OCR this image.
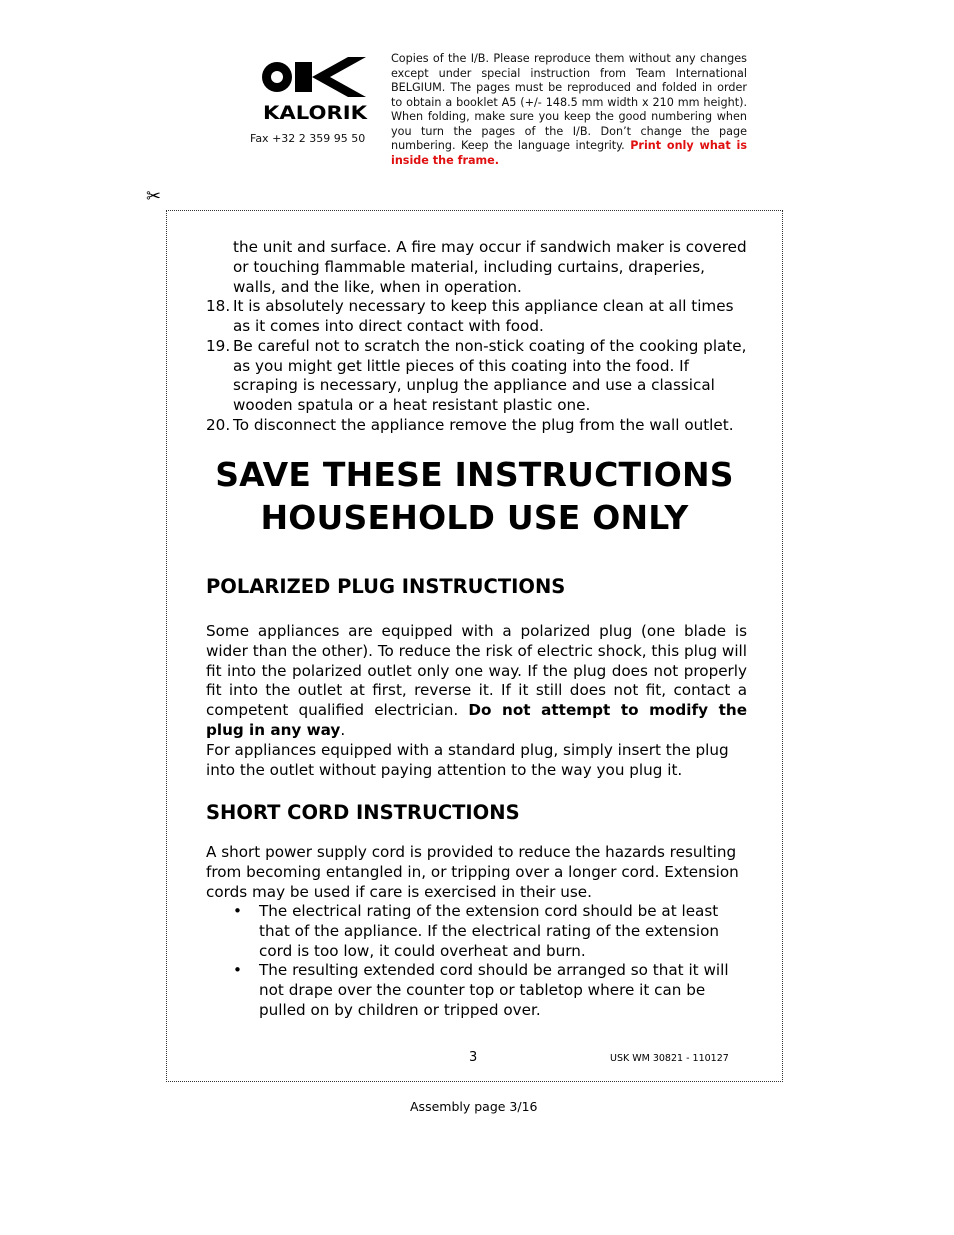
KALORIK
Fax +32 2 359 95 50
Copies of the I/B. Please reproduce them without any changes except under special instruction from Team International BELGIUM. The pages must be reproduced and folded in order to obtain a booklet A5 (+/- 148.5 mm width x 210 mm height). When folding, make sure you keep the good numbering when you turn the pages of the I/B. Don’t change the page numbering. Keep the language integrity. Print only what is inside the frame.
✂
the unit and surface. A fire may occur if sandwich maker is covered or touching flammable material, including curtains, draperies, walls, and the like, when in operation.
18. It is absolutely necessary to keep this appliance clean at all times as it comes into direct contact with food.
19. Be careful not to scratch the non-stick coating of the cooking plate, as you might get little pieces of this coating into the food. If scraping is necessary, unplug the appliance and use a classical wooden spatula or a heat resistant plastic one.
20. To disconnect the appliance remove the plug from the wall outlet.
SAVE THESE INSTRUCTIONS
HOUSEHOLD USE ONLY
POLARIZED PLUG INSTRUCTIONS
Some appliances are equipped with a polarized plug (one blade is wider than the other). To reduce the risk of electric shock, this plug will fit into the polarized outlet only one way. If the plug does not properly fit into the outlet at first, reverse it. If it still does not fit, contact a competent qualified electrician. Do not attempt to modify the plug in any way.
For appliances equipped with a standard plug, simply insert the plug into the outlet without paying attention to the way you plug it.
SHORT CORD INSTRUCTIONS
A short power supply cord is provided to reduce the hazards resulting from becoming entangled in, or tripping over a longer cord. Extension cords may be used if care is exercised in their use.
• The electrical rating of the extension cord should be at least that of the appliance. If the electrical rating of the extension cord is too low, it could overheat and burn.
• The resulting extended cord should be arranged so that it will not drape over the counter top or tabletop where it can be pulled on by children or tripped over.
3	USK WM 30821 - 110127
Assembly page 3/16
